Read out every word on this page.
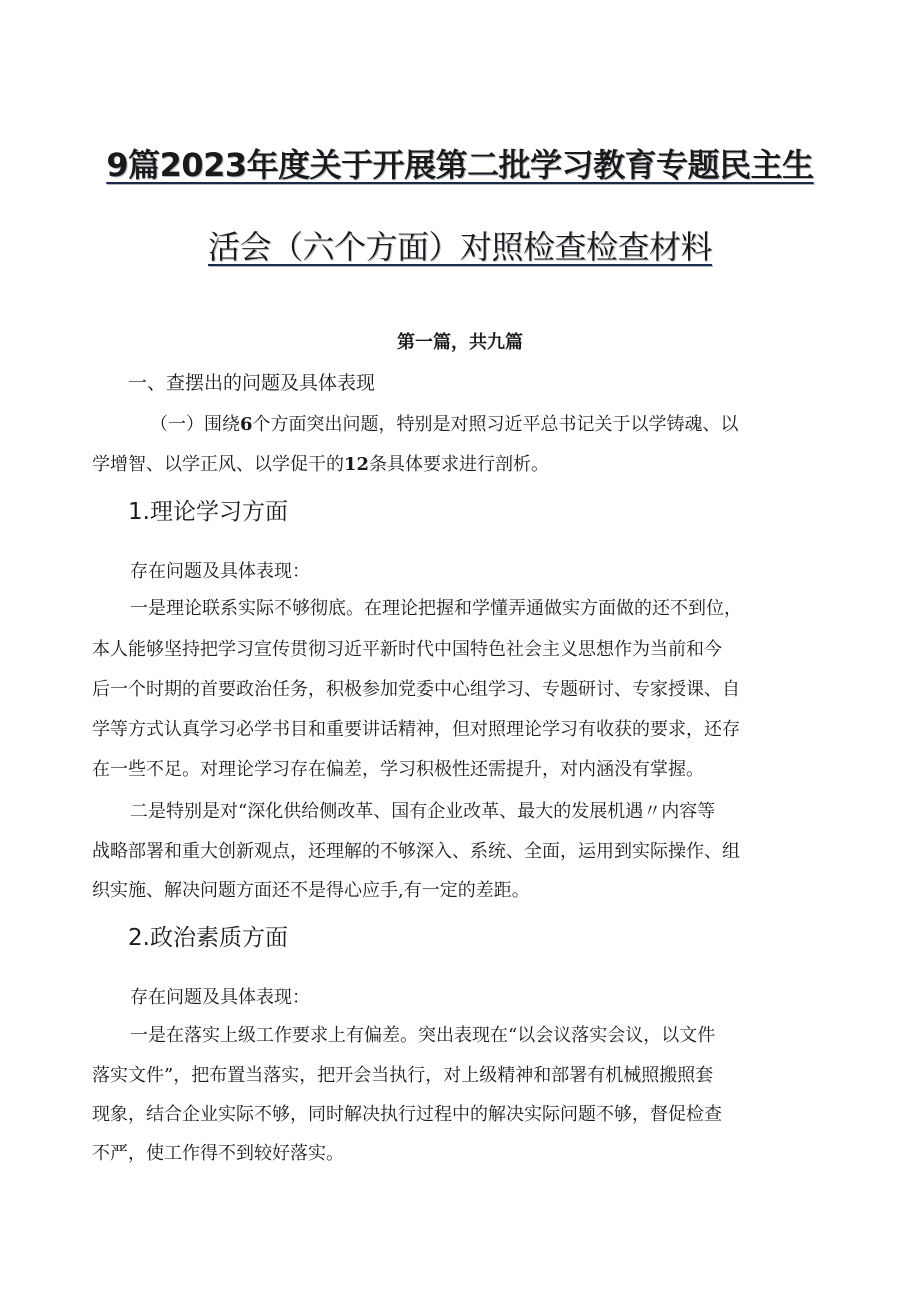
9篇2023年度关于开展第二批学习教育专题民主生
活会（六个方面）对照检查检查材料
第一篇，共九篇
一、查摆出的问题及具体表现
（一）围绕6个方面突出问题，特别是对照习近平总书记关于以学铸魂、以
学增智、以学正风、以学促干的12条具体要求进行剖析。
1.理论学习方面
存在问题及具体表现：
一是理论联系实际不够彻底。在理论把握和学懂弄通做实方面做的还不到位，
本人能够坚持把学习宣传贯彻习近平新时代中国特色社会主义思想作为当前和今
后一个时期的首要政治任务，积极参加党委中心组学习、专题研讨、专家授课、自
学等方式认真学习必学书目和重要讲话精神，但对照理论学习有收获的要求，还存
在一些不足。对理论学习存在偏差，学习积极性还需提升，对内涵没有掌握。
二是特别是对“深化供给侧改革、国有企业改革、最大的发展机遇〃内容等
战略部署和重大创新观点，还理解的不够深入、系统、全面，运用到实际操作、组
织实施、解决问题方面还不是得心应手,有一定的差距。
2.政治素质方面
存在问题及具体表现：
一是在落实上级工作要求上有偏差。突出表现在“以会议落实会议，以文件
落实文件”，把布置当落实，把开会当执行，对上级精神和部署有机械照搬照套
现象，结合企业实际不够，同时解决执行过程中的解决实际问题不够，督促检查
不严，使工作得不到较好落实。
